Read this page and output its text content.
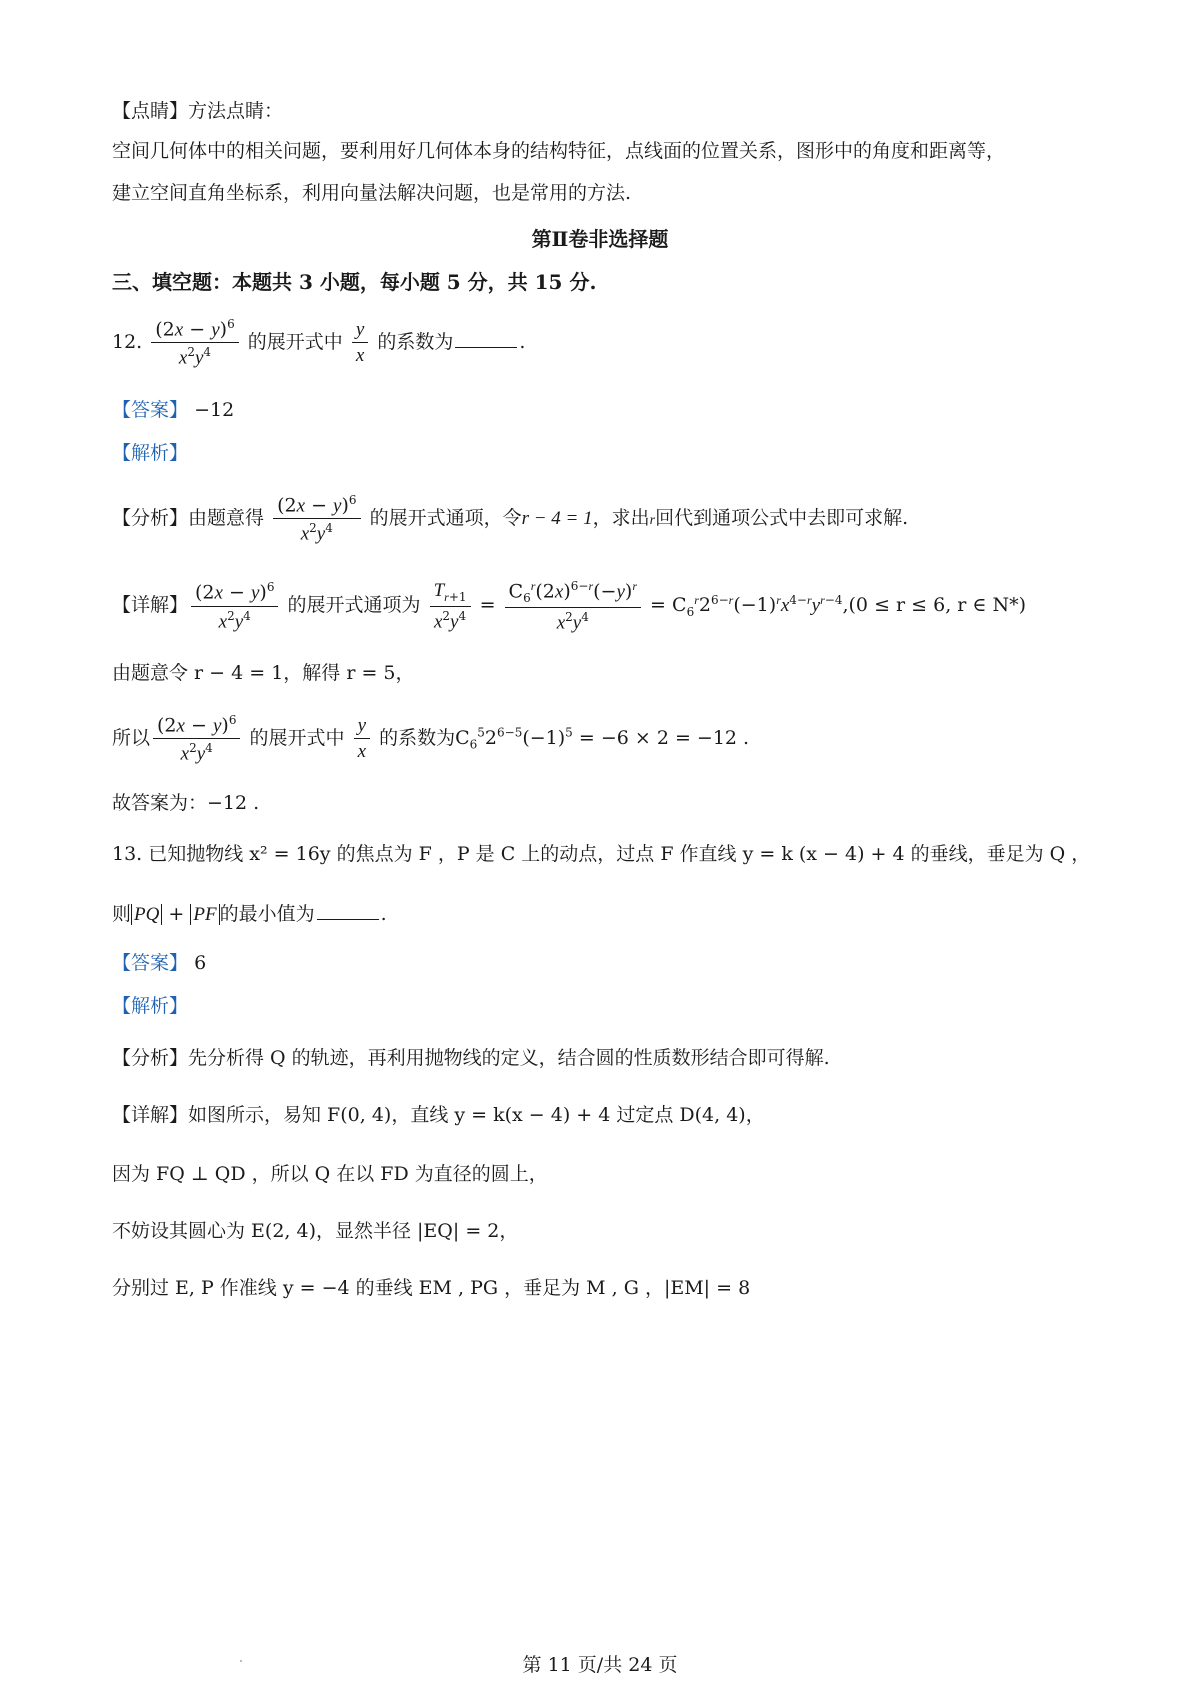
【点睛】方法点睛：
空间几何体中的相关问题，要利用好几何体本身的结构特征，点线面的位置关系，图形中的角度和距离等，
建立空间直角坐标系，利用向量法解决问题，也是常用的方法.
第Ⅱ卷非选择题
三、填空题：本题共 3 小题，每小题 5 分，共 15 分.
12. $\frac{(2x - y)^6}{x^2y^4}$ 的展开式中 $\frac{y}{x}$ 的系数为	.
【答案】 −12
【解析】
【分析】由题意得 $\frac{(2x - y)^6}{x^2y^4}$ 的展开式通项，令r − 4 = 1，求出r回代到通项公式中去即可求解.
【详解】 $\frac{(2x - y)^6}{x^2y^4}$ 的展开式通项为 $\frac{T_{r+1}}{x^2y^4} = \frac{C_6^r(2x)^{6-r}(-y)^r}{x^2y^4} = C_6^r2^{6-r}(-1)^rx^{4-r}y^{r-4},(0 \le r \le 6$, r ∈ N*)
由题意令 r − 4 = 1，解得 r = 5，
所以 $\frac{(2x - y)^6}{x^2y^4}$ 的展开式中 $\frac{y}{x}$ 的系数为$C_6^52^{6-5}(-1)^5 = -6 \times 2 = -12$ .
故答案为：−12 .
13. 已知抛物线 x² = 16y 的焦点为 F ，P 是 C 上的动点，过点 F 作直线 y = k (x − 4) + 4 的垂线，垂足为 Q ，
则 PQ + PF 的最小值为	.
【答案】 6
【解析】
【分析】先分析得 Q 的轨迹，再利用抛物线的定义，结合圆的性质数形结合即可得解.
【详解】如图所示，易知 F(0, 4)，直线 y = k(x − 4) + 4 过定点 D(4, 4)，
因为 FQ ⊥ QD ，所以 Q 在以 FD 为直径的圆上，
不妨设其圆心为 E(2, 4)，显然半径 |EQ| = 2，
分别过 E, P 作准线 y = −4 的垂线 EM , PG ，垂足为 M , G ，|EM| = 8
第 11 页/共 24 页
